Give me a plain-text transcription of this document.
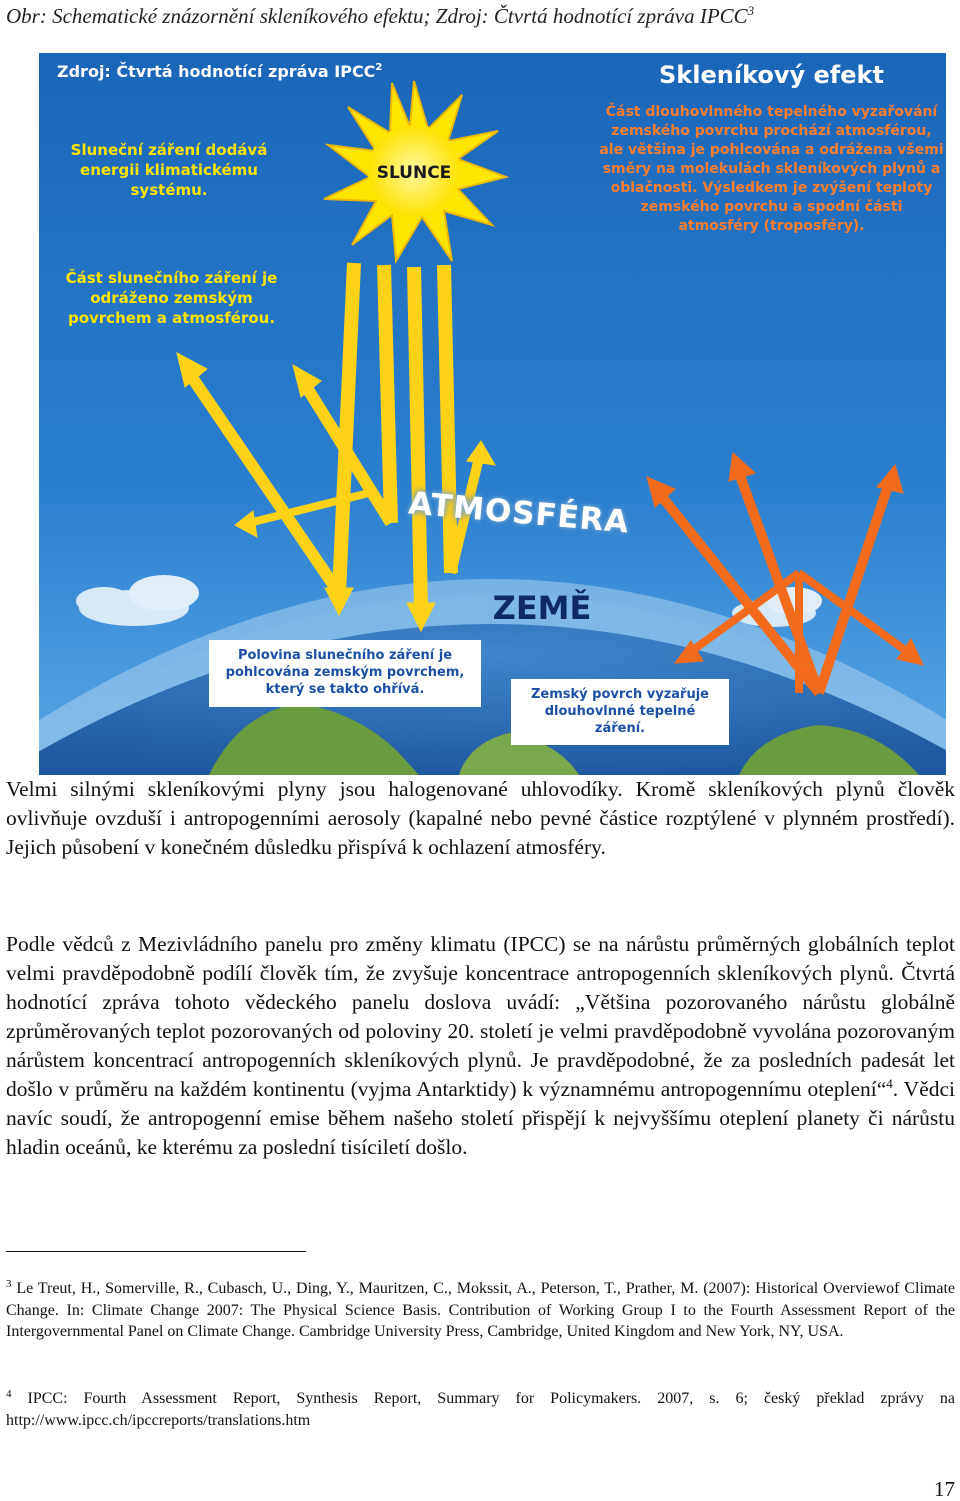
Obr: Schematické znázornění skleníkového efektu; Zdroj: Čtvrtá hodnotící zpráva IPCC$^3$
Zdroj: Čtvrtá hodnotící zpráva IPCC$^2$
Sluneční záření dodává energii klimatickému systému.
Část slunečního záření je odráženo zemským povrchem a atmosférou.
Skleníkový efekt
Část dlouhovlnného tepelného vyzařování zemského povrchu prochází atmosférou, ale většina je pohlcována a odrážena všemi směry na molekulách skleníkových plynů a oblačnosti. Výsledkem je zvýšení teploty zemského povrchu a spodní části atmosféry (troposféry).
SLUNCE
ATMOSFÉRA
ZEMĚ
Polovina slunečního záření je pohlcována zemským povrchem, který se takto ohřívá.	Zemský povrch vyzařuje dlouhovlnné tepelné záření.

Velmi silnými skleníkovými plyny jsou halogenované uhlovodíky. Kromě skleníkových plynů člověk ovlivňuje ovzduší i antropogenními aerosoly (kapalné nebo pevné částice rozptýlené v plynném prostředí). Jejich působení v konečném důsledku přispívá k ochlazení atmosféry.

Podle vědců z Mezivládního panelu pro změny klimatu (IPCC) se na nárůstu průměrných globálních teplot velmi pravděpodobně podílí člověk tím, že zvyšuje koncentrace antropogenních skleníkových plynů. Čtvrtá hodnotící zpráva tohoto vědeckého panelu doslova uvádí: „Většina pozorovaného nárůstu globálně zprůměrovaných teplot pozorovaných od poloviny 20. století je velmi pravděpodobně vyvolána pozorovaným nárůstem koncentrací antropogenních skleníkových plynů. Je pravděpodobné, že za posledních padesát let došlo v průměru na každém kontinentu (vyjma Antarktidy) k významnému antropogennímu oteplení“$^4$. Vědci navíc soudí, že antropogenní emise během našeho století přispějí k nejvyššímu oteplení planety či nárůstu hladin oceánů, ke kterému za poslední tisíciletí došlo.

$^3$ Le Treut, H., Somerville, R., Cubasch, U., Ding, Y., Mauritzen, C., Mokssit, A., Peterson, T., Prather, M. (2007): Historical Overviewof Climate Change. In: Climate Change 2007: The Physical Science Basis. Contribution of Working Group I to the Fourth Assessment Report of the Intergovernmental Panel on Climate Change. Cambridge University Press, Cambridge, United Kingdom and New York, NY, USA.

$^4$ IPCC: Fourth Assessment Report, Synthesis Report, Summary for Policymakers. 2007, s. 6; český překlad zprávy na http://www.ipcc.ch/ipccreports/translations.htm

17
